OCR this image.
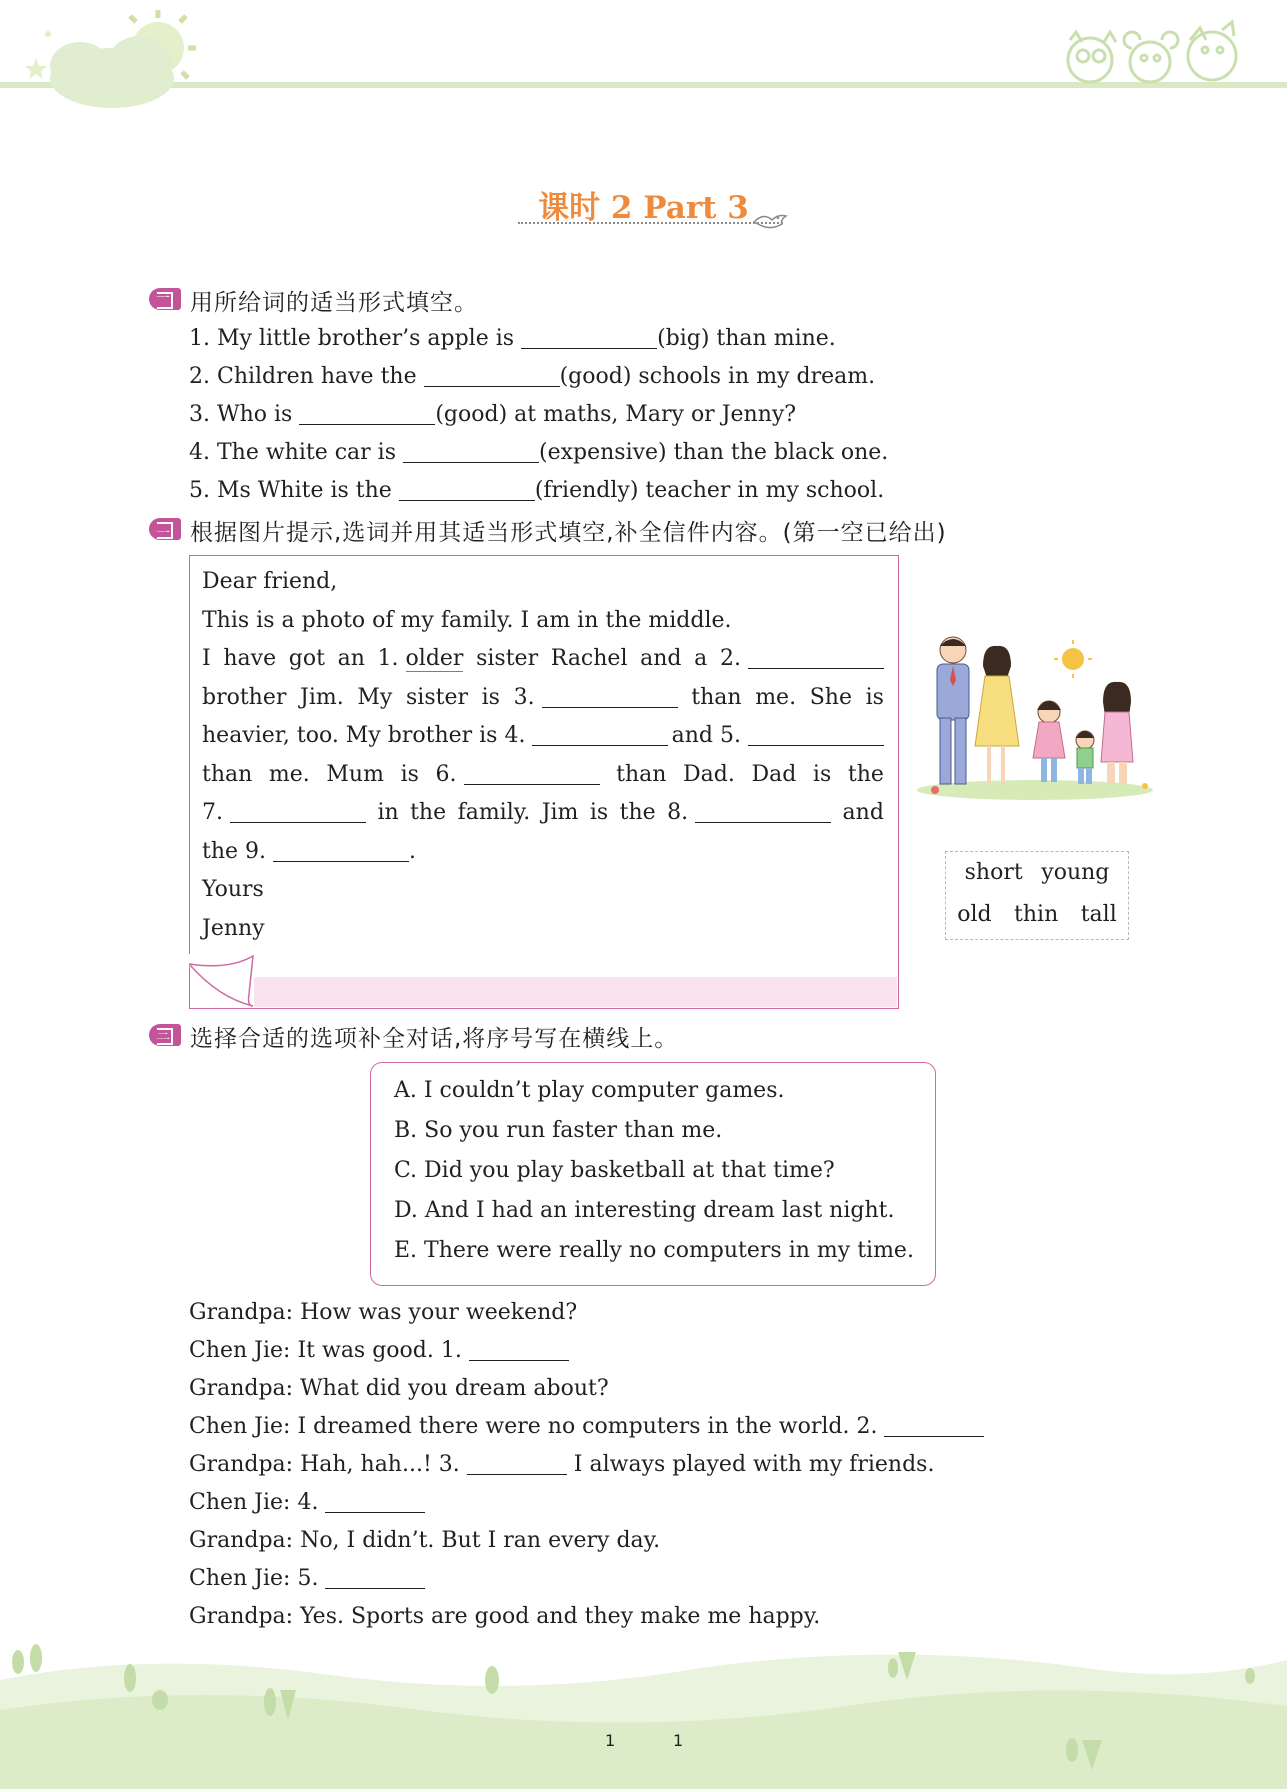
课时 2 Part 3
一 用所给词的适当形式填空。
1. My little brother’s apple is	(big) than mine.
2. Children have the	(good) schools in my dream.
3. Who is	(good) at maths, Mary or Jenny?
4. The white car is	(expensive) than the black one.
5. Ms White is the	(friendly) teacher in my school.
二 根据图片提示,选词并用其适当形式填空,补全信件内容。(第一空已给出)
Dear friend,
This is a photo of my family. I am in the middle.
I have got an 1. older sister Rachel and a 2.
brother Jim. My sister is 3.	than me. She is
heavier, too. My brother is 4.	and 5.
than me. Mum is 6.	than Dad. Dad is the
7.	in the family. Jim is the 8.	and
the 9.	.
Yours
Jenny
short young
old thin tall
三 选择合适的选项补全对话,将序号写在横线上。
A. I couldn’t play computer games.
B. So you run faster than me.
C. Did you play basketball at that time?
D. And I had an interesting dream last night.
E. There were really no computers in my time.
Grandpa: How was your weekend?
Chen Jie: It was good. 1.
Grandpa: What did you dream about?
Chen Jie: I dreamed there were no computers in the world. 2.
Grandpa: Hah, hah...! 3.	I always played with my friends.
Chen Jie: 4.
Grandpa: No, I didn’t. But I ran every day.
Chen Jie: 5.
Grandpa: Yes. Sports are good and they make me happy.
1	1
